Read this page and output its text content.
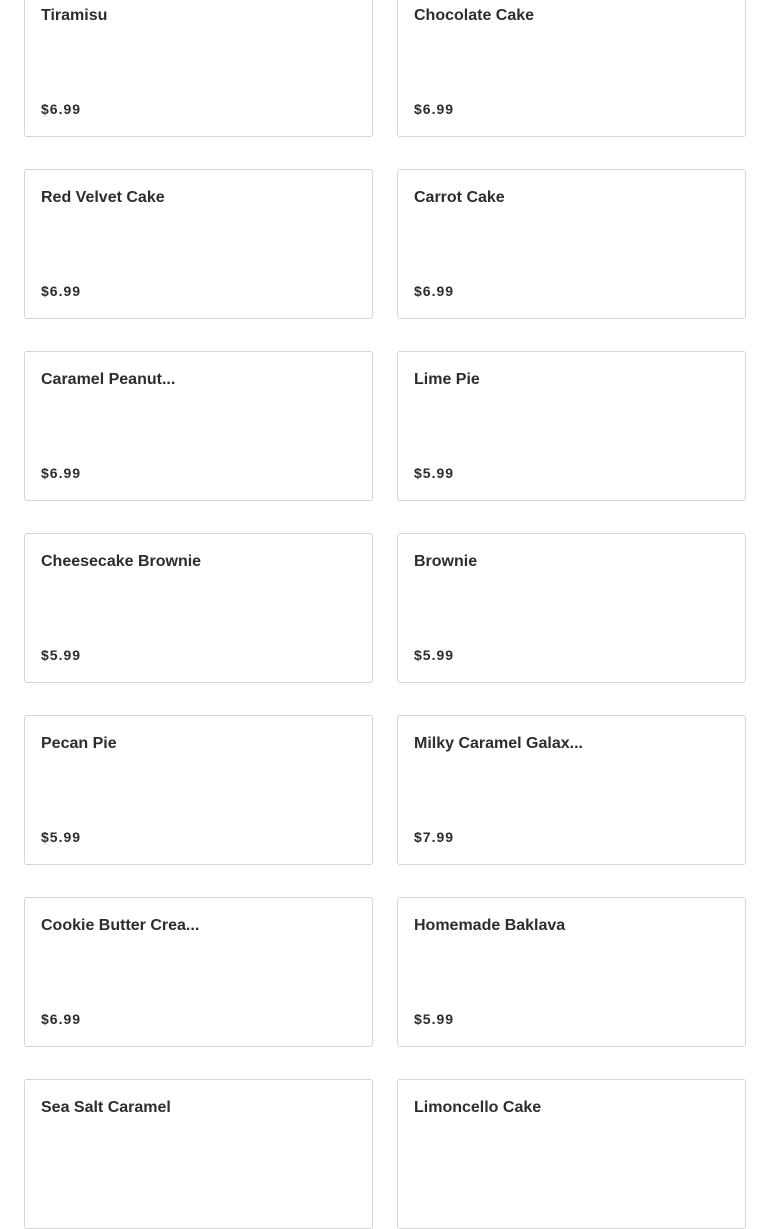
Tiramisu
$6.99
Chocolate Cake
$6.99
Red Velvet Cake
$6.99
Carrot Cake
$6.99
Caramel Peanut...
$6.99
Lime Pie
$5.99
Cheesecake Brownie
$5.99
Brownie
$5.99
Pecan Pie
$5.99
Milky Caramel Galax...
$7.99
Cookie Butter Crea...
$6.99
Homemade Baklava
$5.99
Sea Salt Caramel	Limoncello Cake
